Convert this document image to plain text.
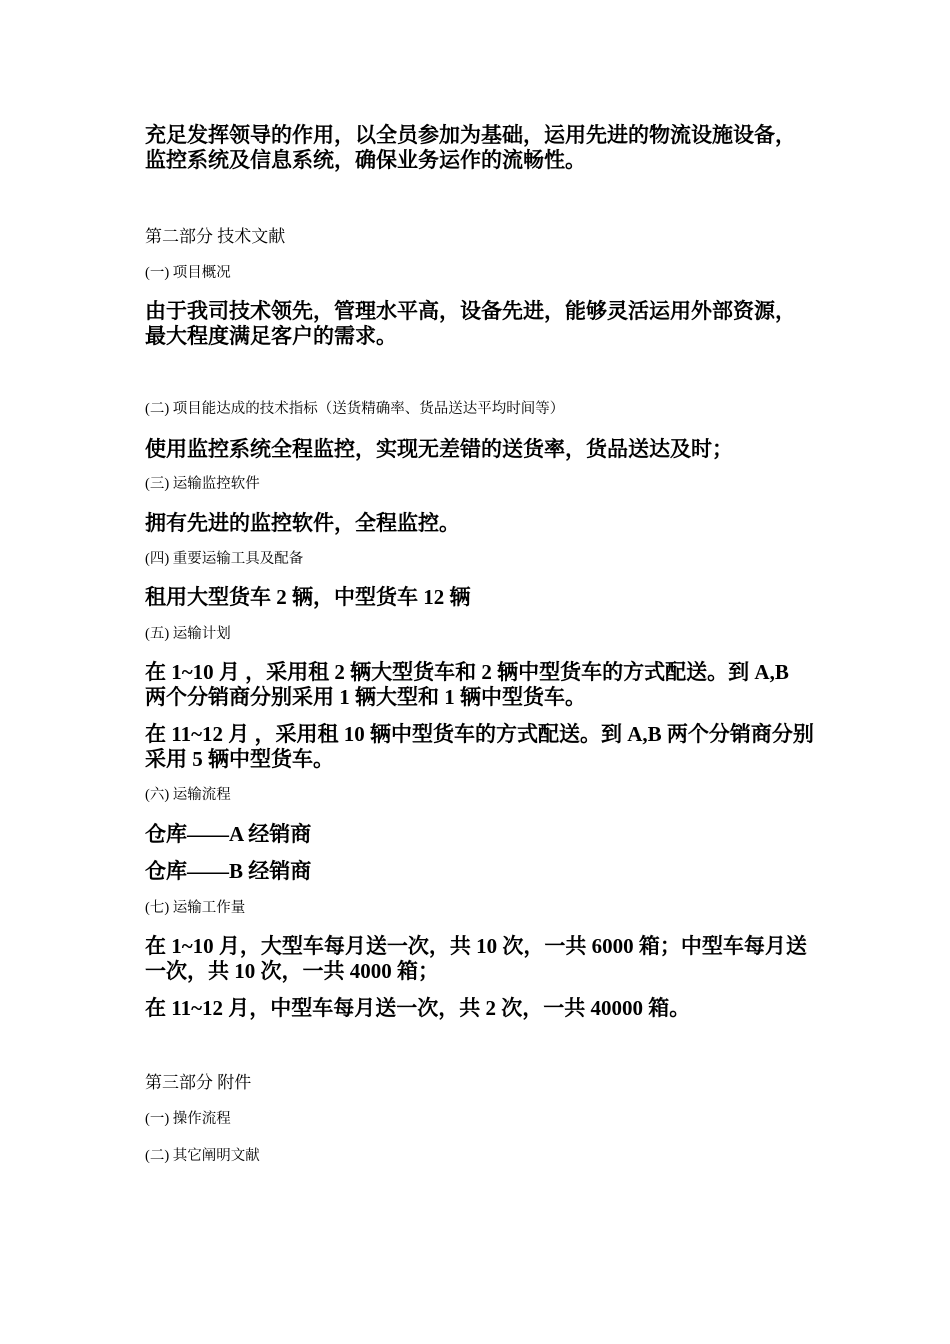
充足发挥领导的作用，以全员参加为基础，运用先进的物流设施设备，监控系统及信息系统，确保业务运作的流畅性。

第二部分 技术文献

(一) 项目概况

由于我司技术领先，管理水平高，设备先进，能够灵活运用外部资源，最大程度满足客户的需求。

(二) 项目能达成的技术指标（送货精确率、货品送达平均时间等）

使用监控系统全程监控，实现无差错的送货率，货品送达及时；

(三) 运输监控软件

拥有先进的监控软件，全程监控。

(四) 重要运输工具及配备

租用大型货车 2 辆，中型货车 12 辆

(五) 运输计划

在 1~10 月 ，采用租 2 辆大型货车和 2 辆中型货车的方式配送。到 A,B 两个分销商分别采用 1 辆大型和 1 辆中型货车。

在 11~12 月 ，采用租 10 辆中型货车的方式配送。到 A,B 两个分销商分别采用 5 辆中型货车。

(六) 运输流程

仓库——A 经销商

仓库——B 经销商

(七) 运输工作量

在 1~10 月，大型车每月送一次，共 10 次，一共 6000 箱；中型车每月送一次，共 10 次，一共 4000 箱；

在 11~12 月，中型车每月送一次，共 2 次，一共 40000 箱。

第三部分 附件

(一) 操作流程

(二) 其它阐明文献
